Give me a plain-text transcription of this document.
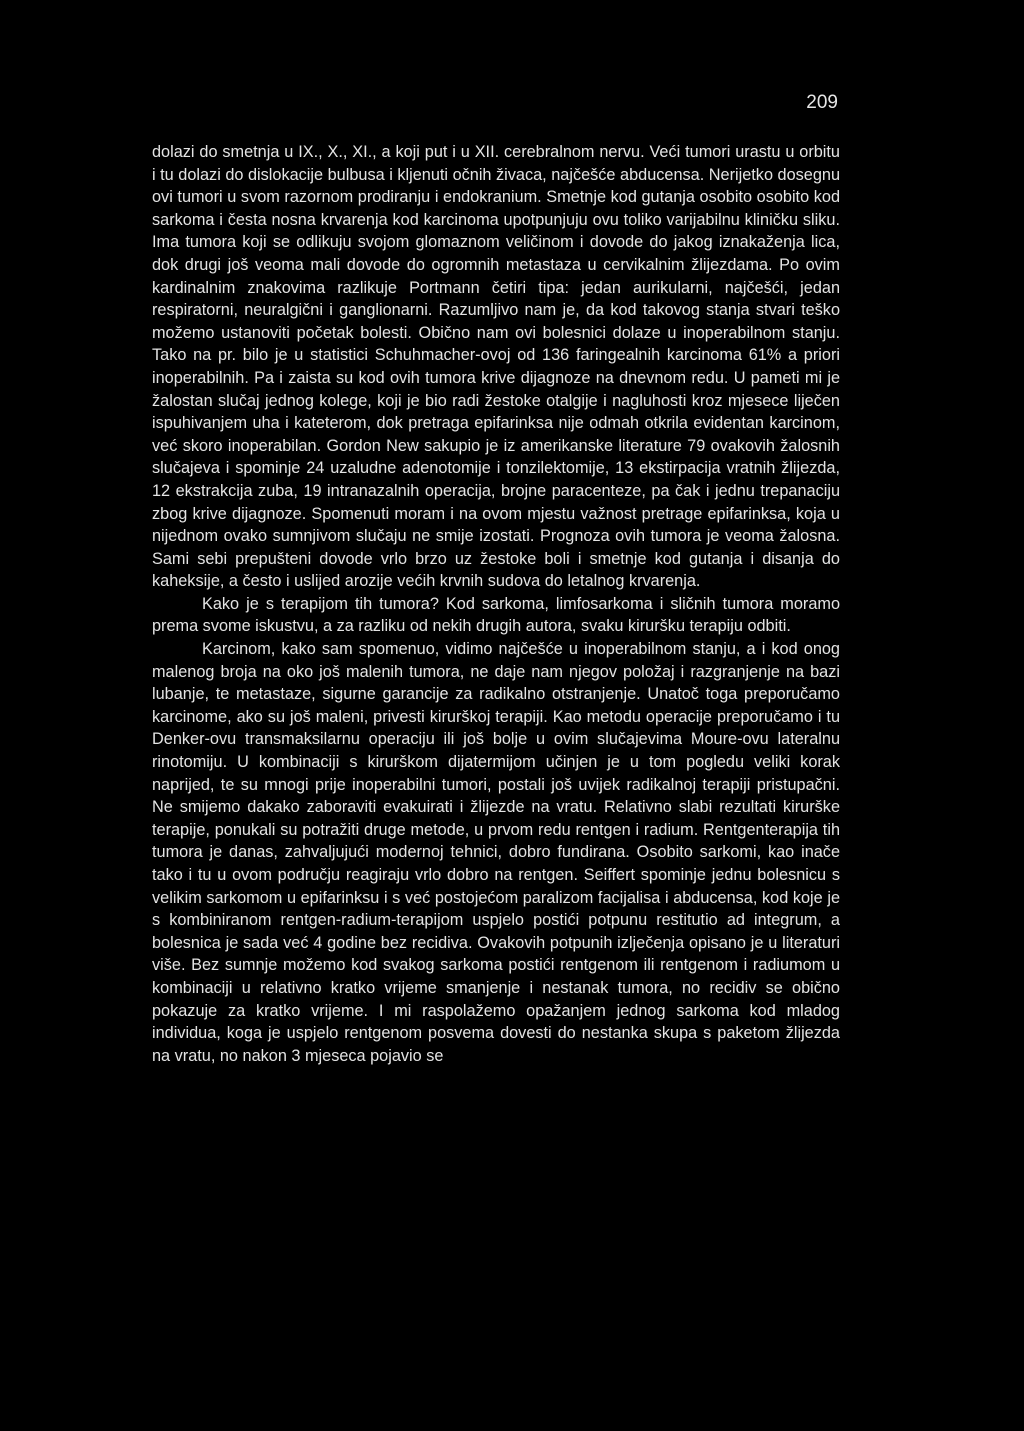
209

dolazi do smetnja u IX., X., XI., a koji put i u XII. cerebralnom nervu. Veći tumori urastu u orbitu i tu dolazi do dislokacije bulbusa i kljenuti očnih živaca, najčešće abducensa. Nerijetko dosegnu ovi tumori u svom razornom prodiranju i endokranium. Smetnje kod gutanja osobito osobito kod sarkoma i česta nosna krvarenja kod karcinoma upotpunjuju ovu toliko varijabilnu kliničku sliku. Ima tumora koji se odlikuju svojom glomaznom veličinom i dovode do jakog iznakaženja lica, dok drugi još veoma mali dovode do ogromnih metastaza u cervikalnim žlijezdama. Po ovim kardinalnim znakovima razlikuje Portmann četiri tipa: jedan aurikularni, najčešći, jedan respiratorni, neuralgični i ganglionarni. Razumljivo nam je, da kod takovog stanja stvari teško možemo ustanoviti početak bolesti. Obično nam ovi bolesnici dolaze u inoperabilnom stanju. Tako na pr. bilo je u statistici Schuhmacher-ovoj od 136 faringealnih karcinoma 61% a priori inoperabilnih. Pa i zaista su kod ovih tumora krive dijagnoze na dnevnom redu. U pameti mi je žalostan slučaj jednog kolege, koji je bio radi žestoke otalgije i nagluhosti kroz mjesece liječen ispuhivanjem uha i kateterom, dok pretraga epifarinksa nije odmah otkrila evidentan karcinom, već skoro inoperabilan. Gordon New sakupio je iz amerikanske literature 79 ovakovih žalosnih slučajeva i spominje 24 uzaludne adenotomije i tonzilektomije, 13 ekstirpacija vratnih žlijezda, 12 ekstrakcija zuba, 19 intranazalnih operacija, brojne paracenteze, pa čak i jednu trepanaciju zbog krive dijagnoze. Spomenuti moram i na ovom mjestu važnost pretrage epifarinksa, koja u nijednom ovako sumnjivom slučaju ne smije izostati. Prognoza ovih tumora je veoma žalosna. Sami sebi prepušteni dovode vrlo brzo uz žestoke boli i smetnje kod gutanja i disanja do kaheksije, a često i uslijed arozije većih krvnih sudova do letalnog krvarenja.

Kako je s terapijom tih tumora? Kod sarkoma, limfosarkoma i sličnih tumora moramo prema svome iskustvu, a za razliku od nekih drugih autora, svaku kiruršku terapiju odbiti.

Karcinom, kako sam spomenuo, vidimo najčešće u inoperabilnom stanju, a i kod onog malenog broja na oko još malenih tumora, ne daje nam njegov položaj i razgranjenje na bazi lubanje, te metastaze, sigurne garancije za radikalno otstranjenje. Unatoč toga preporučamo karcinome, ako su još maleni, privesti kirurškoj terapiji. Kao metodu operacije preporučamo i tu Denker-ovu transmaksilarnu operaciju ili još bolje u ovim slučajevima Moure-ovu lateralnu rinotomiju. U kombinaciji s kirurškom dijatermijom učinjen je u tom pogledu veliki korak naprijed, te su mnogi prije inoperabilni tumori, postali još uvijek radikalnoj terapiji pristupačni. Ne smijemo dakako zaboraviti evakuirati i žlijezde na vratu. Relativno slabi rezultati kirurške terapije, ponukali su potražiti druge metode, u prvom redu rentgen i radium. Rentgenterapija tih tumora je danas, zahvaljujući modernoj tehnici, dobro fundirana. Osobito sarkomi, kao inače tako i tu u ovom području reagiraju vrlo dobro na rentgen. Seiffert spominje jednu bolesnicu s velikim sarkomom u epifarinksu i s već postojećom paralizom facijalisa i abducensa, kod koje je s kombiniranom rentgen-radium-terapijom uspjelo postići potpunu restitutio ad integrum, a bolesnica je sada već 4 godine bez recidiva. Ovakovih potpunih izlječenja opisano je u literaturi više. Bez sumnje možemo kod svakog sarkoma postići rentgenom ili rentgenom i radiumom u kombinaciji u relativno kratko vrijeme smanjenje i nestanak tumora, no recidiv se obično pokazuje za kratko vrijeme. I mi raspolažemo opažanjem jednog sarkoma kod mladog individua, koga je uspjelo rentgenom posvema dovesti do nestanka skupa s paketom žlijezda na vratu, no nakon 3 mjeseca pojavio se
